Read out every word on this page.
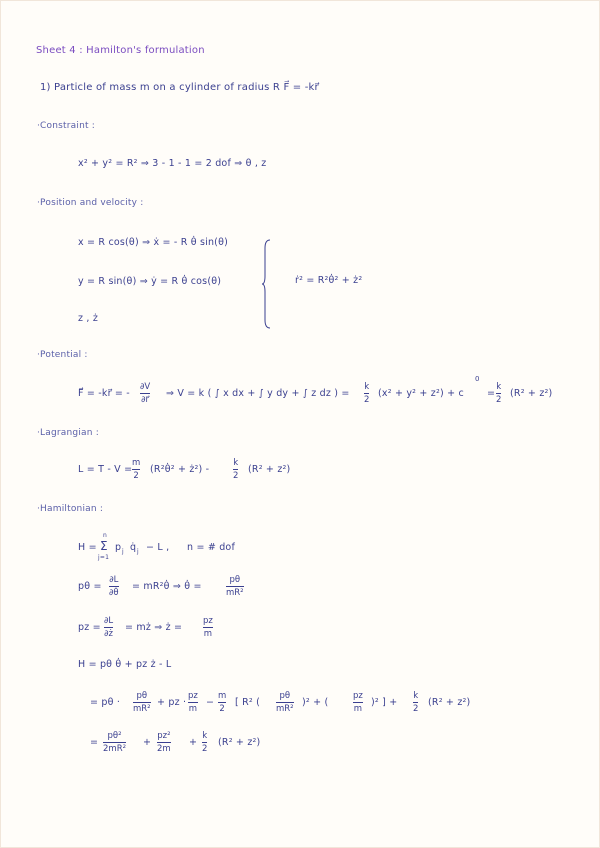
Sheet 4 : Hamilton's formulation
1) Particle of mass m on a cylinder of radius R F⃗ = -kr⃗
·Constraint :
x² + y² = R² ⇒ 3 - 1 - 1 = 2 dof ⇒ θ , z
·Position and velocity :
x = R cos(θ) ⇒ ẋ = - R θ̇ sin(θ)
y = R sin(θ) ⇒ ẏ = R θ̇ cos(θ)
z , ż
ṙ² = R²θ̇² + ż²
·Potential :
F⃗ = -kr⃗ = -
∂V
∂r⃗
⇒ V = k ( ∫ x dx + ∫ y dy + ∫ z dz ) =
k
2
(x² + y² + z²) + c
0
=
k
2
(R² + z²)
·Lagrangian :
L = T - V =
m
2
(R²θ̇² + ż²) -
k
2
(R² + z²)
·Hamiltonian :
H =
n
Σ
j=1
p j q̇ j − L , n = # dof
pθ =
∂L
∂θ̇
= mR²θ̇ ⇒ θ̇ =
pθ
mR²
pz =
∂L
∂ż
= mż ⇒ ż =
pz
m
H = pθ θ̇ + pz ż - L
= pθ ·
pθ
mR²
+ pz ·
pz
m
−
m
2
[ R² (
pθ
mR²
)² + (
pz
m
)² ] +
k
2
(R² + z²)
=
pθ²
2mR²
+
pz²
2m
+
k
2
(R² + z²)
